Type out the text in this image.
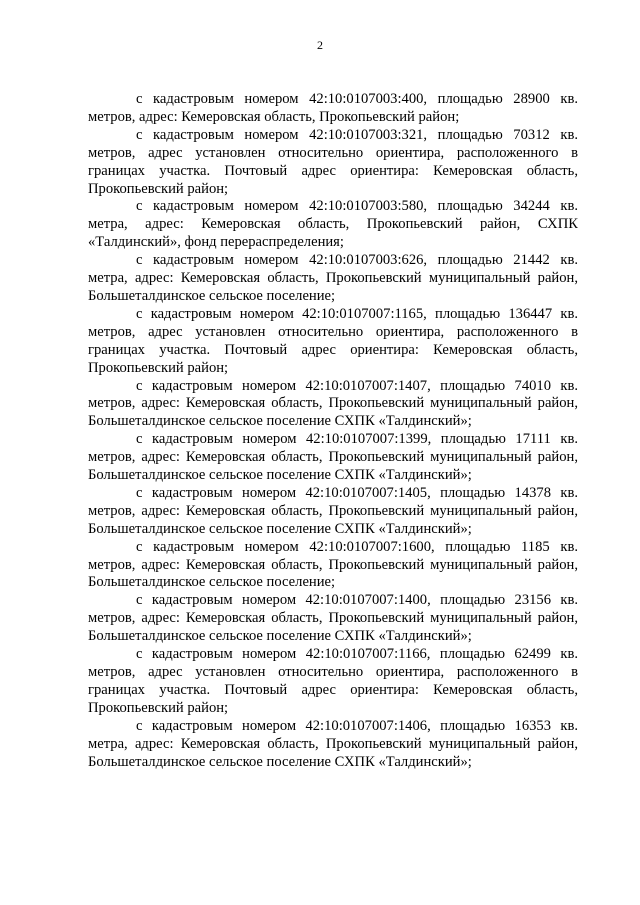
2

с кадастровым номером 42:10:0107003:400, площадью 28900 кв. метров, адрес: Кемеровская область, Прокопьевский район;

с кадастровым номером 42:10:0107003:321, площадью 70312 кв. метров, адрес установлен относительно ориентира, расположенного в границах участка. Почтовый адрес ориентира: Кемеровская область, Прокопьевский район;

с кадастровым номером 42:10:0107003:580, площадью 34244 кв. метра, адрес: Кемеровская область, Прокопьевский район, СХПК «Талдинский», фонд перераспределения;

с кадастровым номером 42:10:0107003:626, площадью 21442 кв. метра, адрес: Кемеровская область, Прокопьевский муниципальный район, Большеталдинское сельское поселение;

с кадастровым номером 42:10:0107007:1165, площадью 136447 кв. метров, адрес установлен относительно ориентира, расположенного в границах участка. Почтовый адрес ориентира: Кемеровская область, Прокопьевский район;

с кадастровым номером 42:10:0107007:1407, площадью 74010 кв. метров, адрес: Кемеровская область, Прокопьевский муниципальный район, Большеталдинское сельское поселение СХПК «Талдинский»;

с кадастровым номером 42:10:0107007:1399, площадью 17111 кв. метров, адрес: Кемеровская область, Прокопьевский муниципальный район, Большеталдинское сельское поселение СХПК «Талдинский»;

с кадастровым номером 42:10:0107007:1405, площадью 14378 кв. метров, адрес: Кемеровская область, Прокопьевский муниципальный район, Большеталдинское сельское поселение СХПК «Талдинский»;

с кадастровым номером 42:10:0107007:1600, площадью 1185 кв. метров, адрес: Кемеровская область, Прокопьевский муниципальный район, Большеталдинское сельское поселение;

с кадастровым номером 42:10:0107007:1400, площадью 23156 кв. метров, адрес: Кемеровская область, Прокопьевский муниципальный район, Большеталдинское сельское поселение СХПК «Талдинский»;

с кадастровым номером 42:10:0107007:1166, площадью 62499 кв. метров, адрес установлен относительно ориентира, расположенного в границах участка. Почтовый адрес ориентира: Кемеровская область, Прокопьевский район;

с кадастровым номером 42:10:0107007:1406, площадью 16353 кв. метра, адрес: Кемеровская область, Прокопьевский муниципальный район, Большеталдинское сельское поселение СХПК «Талдинский»;
